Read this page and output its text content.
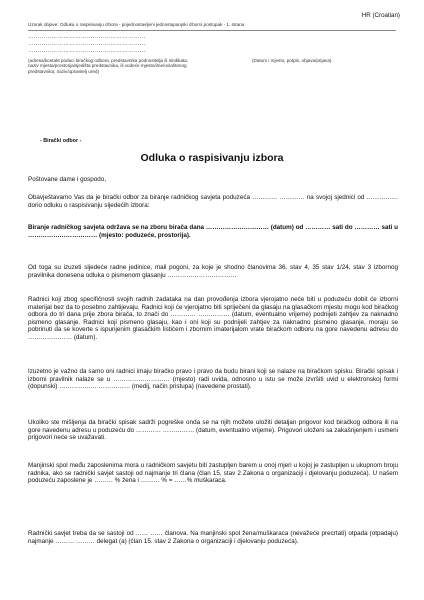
HR (Croatian)
Uzorak objave: Odluka o raspisivanju izbora - pojednostavljeni jednostupanjski izborni postupak - 1. strana
……………………………………………………
……………………………………………………
……………………………………………………
(adresa/kontakt podaci biračkog odbora, predstavnika podnositelja ili sindikata; naziv mjesta/prostorija/sjedišta predstavnika, ili vodeće mjesto/ime/ovlaštenog predstavnika; naziv/upravitelj ured)
(Datum i mjesto, potpis, objava/prijava)
- Birački odbor -
Odluka o raspisivanju izbora
Poštovane dame i gospodo,
Obavještavamo Vas da je birački odbor za biranje radničkog savjeta poduzeća ………… ………… na svojoj sjednici od …………… dorio odluku o raspisivanju sljedećih izbora:
Biranje radničkog savjeta održava se na zboru birača dana ………………………… (datum) od ………… sati do ………… sati u …………………………… (mjesto: poduzeće, prostorija).
Od toga su izuzeti sljedeće radne jedinice, mali pogoni, za koje je shodno članovima 36. stav 4, 35 stav 1/24, stav 3 izbornog pravilnika donesena odluka o pismenom glasanju ……………………………
Radnici koji zbog specifičnosti svojih radnih zadataka na dan provođenja izbora vjerojatno neće biti u poduzeću dobit će izborni materijal bez da to posebno zahtijevaju. Radnici koji će vjerojatno biti spriječeni da glasaju na glasačkom mjestu mogu kod biračkog odbora do tri dana prije zbora birača, to znači do ………… …………… (datum, eventualno vrijeme) podnijeti zahtjev za naknadno pismeno glasanje. Radnici koji pismeno glasaju, kao i oni koji su podnijeli zahtjev za naknadno pismeno glasanje, moraju se pobrinuti da se koverte s ispunjenim glasačkim listićem i zbornim imaterijalom vrate biračkom odboru na gore navedenu adresu do ………………… (datum).
Izuzetno je važno da samo oni radnici imaju biračko pravo i pravo da budu birani koji se nalaze na biračkom spisku. Birački spisak i izborni pravilnik nalaze se u ……………………… (mjesto) radi uvida, odnosno u istu se može izvršiti uvid u elektronskoj formi (dopunski) ……………… …………… (medij, način pristupa) (navedene prostati).
Ukoliko ste mišljenja da birački spisak sadrži pogreške onda se na njih možete uložiti detaljan prigovor kod biračkog odbora ili na gore navedenu adresu u poduzeću do ………… …………… (datum, eventualno vrijeme). Prigovori uloženi sa zakašnjenjem i usmeni prigovori neće se uvažavati.
Manjinski spol među zaposlenima mora u radničkom savjetu biti zastupljen barem u onoj mjeri u kojoj je zastupljen u ukupnom broju radnika, ako se radnički savjet sastoji od najmanje tri člana (član 15, stav 2 Zakona o organizaciji i djelovanju poduzeća). U našem poduzeću zaposlene je ……… % žena i ……… % = ……% muškaraca.
Radnički savjet treba da se sastoji od …… …… članova. Na manjinski spol žena/muškaraca (nevažeće precrtati) otpada (otpadaju) najmanje ……… ……… delegat (a) (član 15. stav 2 Zakona o organizaciji i djelovanju poduzeća).
